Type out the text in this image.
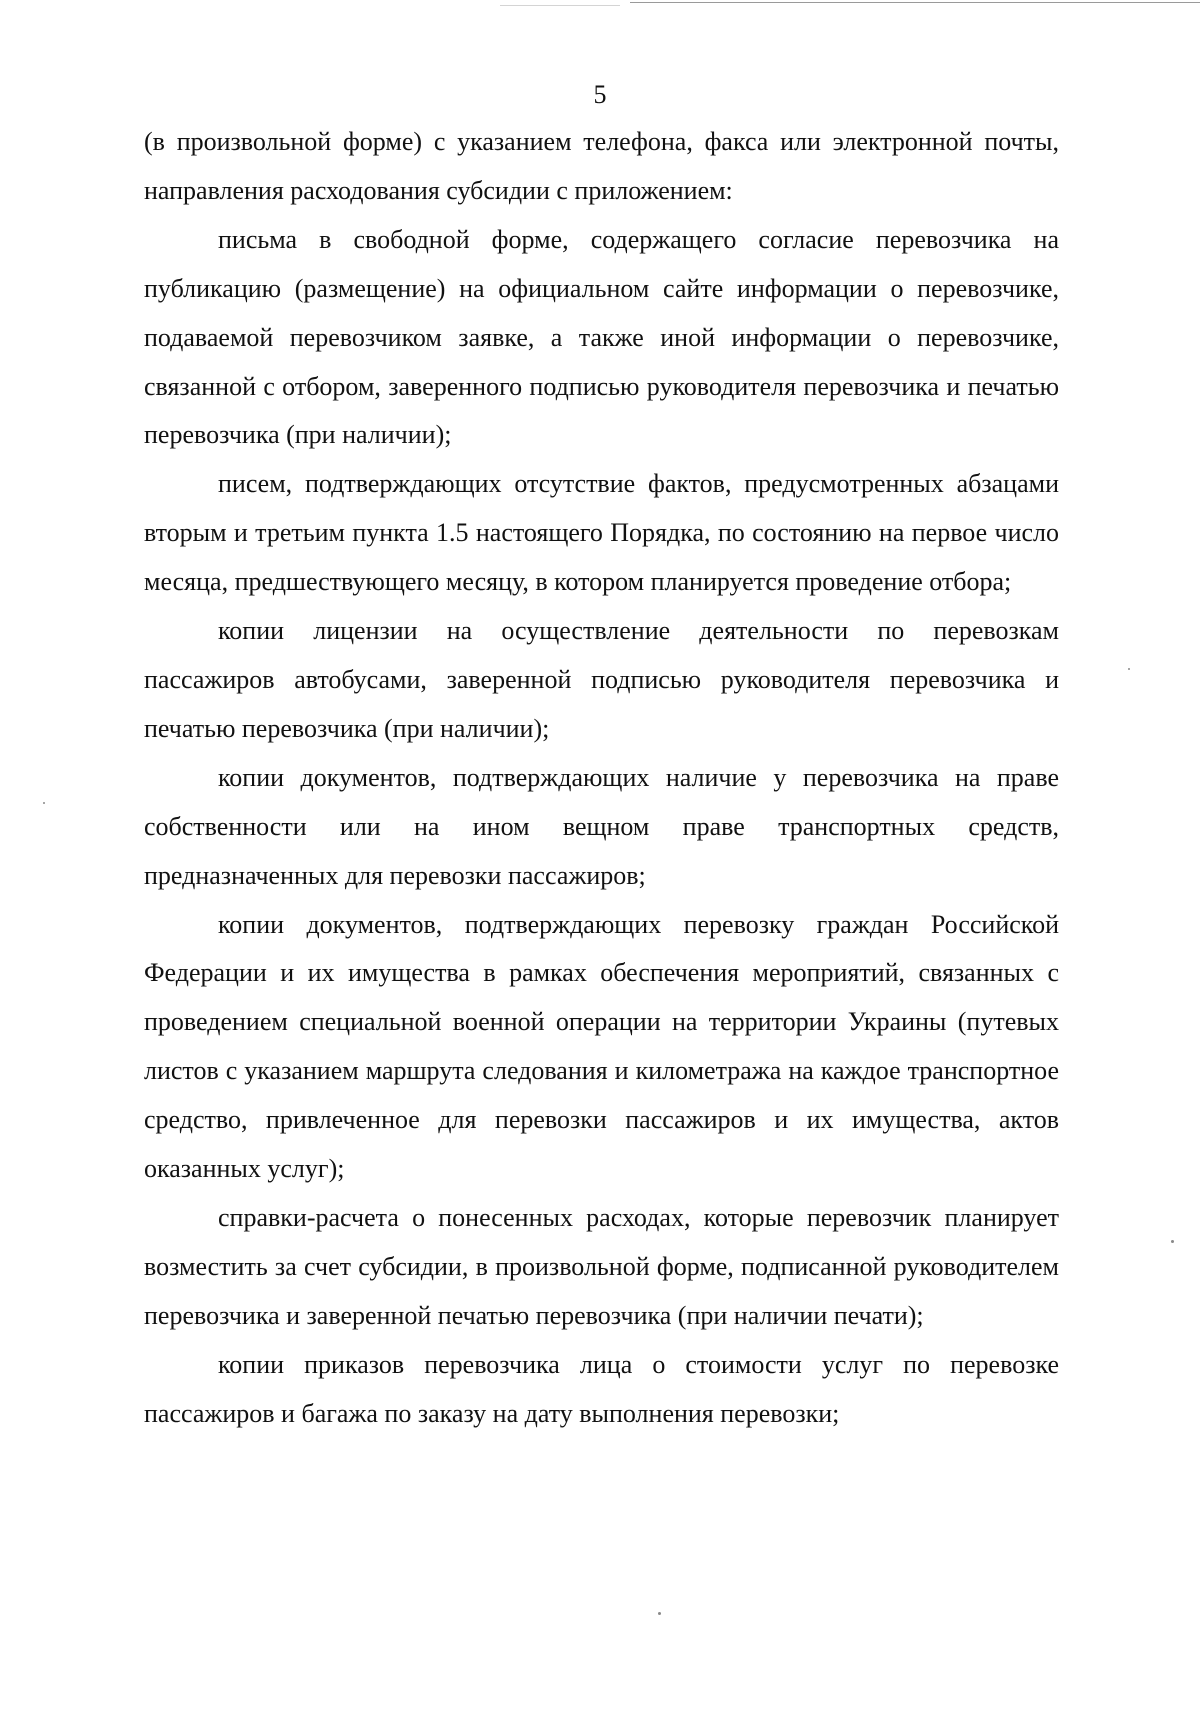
5

(в произвольной форме) с указанием телефона, факса или электронной почты, направления расходования субсидии с приложением:

письма в свободной форме, содержащего согласие перевозчика на публикацию (размещение) на официальном сайте информации о перевозчике, подаваемой перевозчиком заявке, а также иной информации о перевозчике, связанной с отбором, заверенного подписью руководителя перевозчика и печатью перевозчика (при наличии);

писем, подтверждающих отсутствие фактов, предусмотренных абзацами вторым и третьим пункта 1.5 настоящего Порядка, по состоянию на первое число месяца, предшествующего месяцу, в котором планируется проведение отбора;

копии лицензии на осуществление деятельности по перевозкам пассажиров автобусами, заверенной подписью руководителя перевозчика и печатью перевозчика (при наличии);

копии документов, подтверждающих наличие у перевозчика на праве собственности или на ином вещном праве транспортных средств, предназначенных для перевозки пассажиров;

копии документов, подтверждающих перевозку граждан Российской Федерации и их имущества в рамках обеспечения мероприятий, связанных с проведением специальной военной операции на территории Украины (путевых листов с указанием маршрута следования и километража на каждое транспортное средство, привлеченное для перевозки пассажиров и их имущества, актов оказанных услуг);

справки-расчета о понесенных расходах, которые перевозчик планирует возместить за счет субсидии, в произвольной форме, подписанной руководителем перевозчика и заверенной печатью перевозчика (при наличии печати);

копии приказов перевозчика лица о стоимости услуг по перевозке пассажиров и багажа по заказу на дату выполнения перевозки;
